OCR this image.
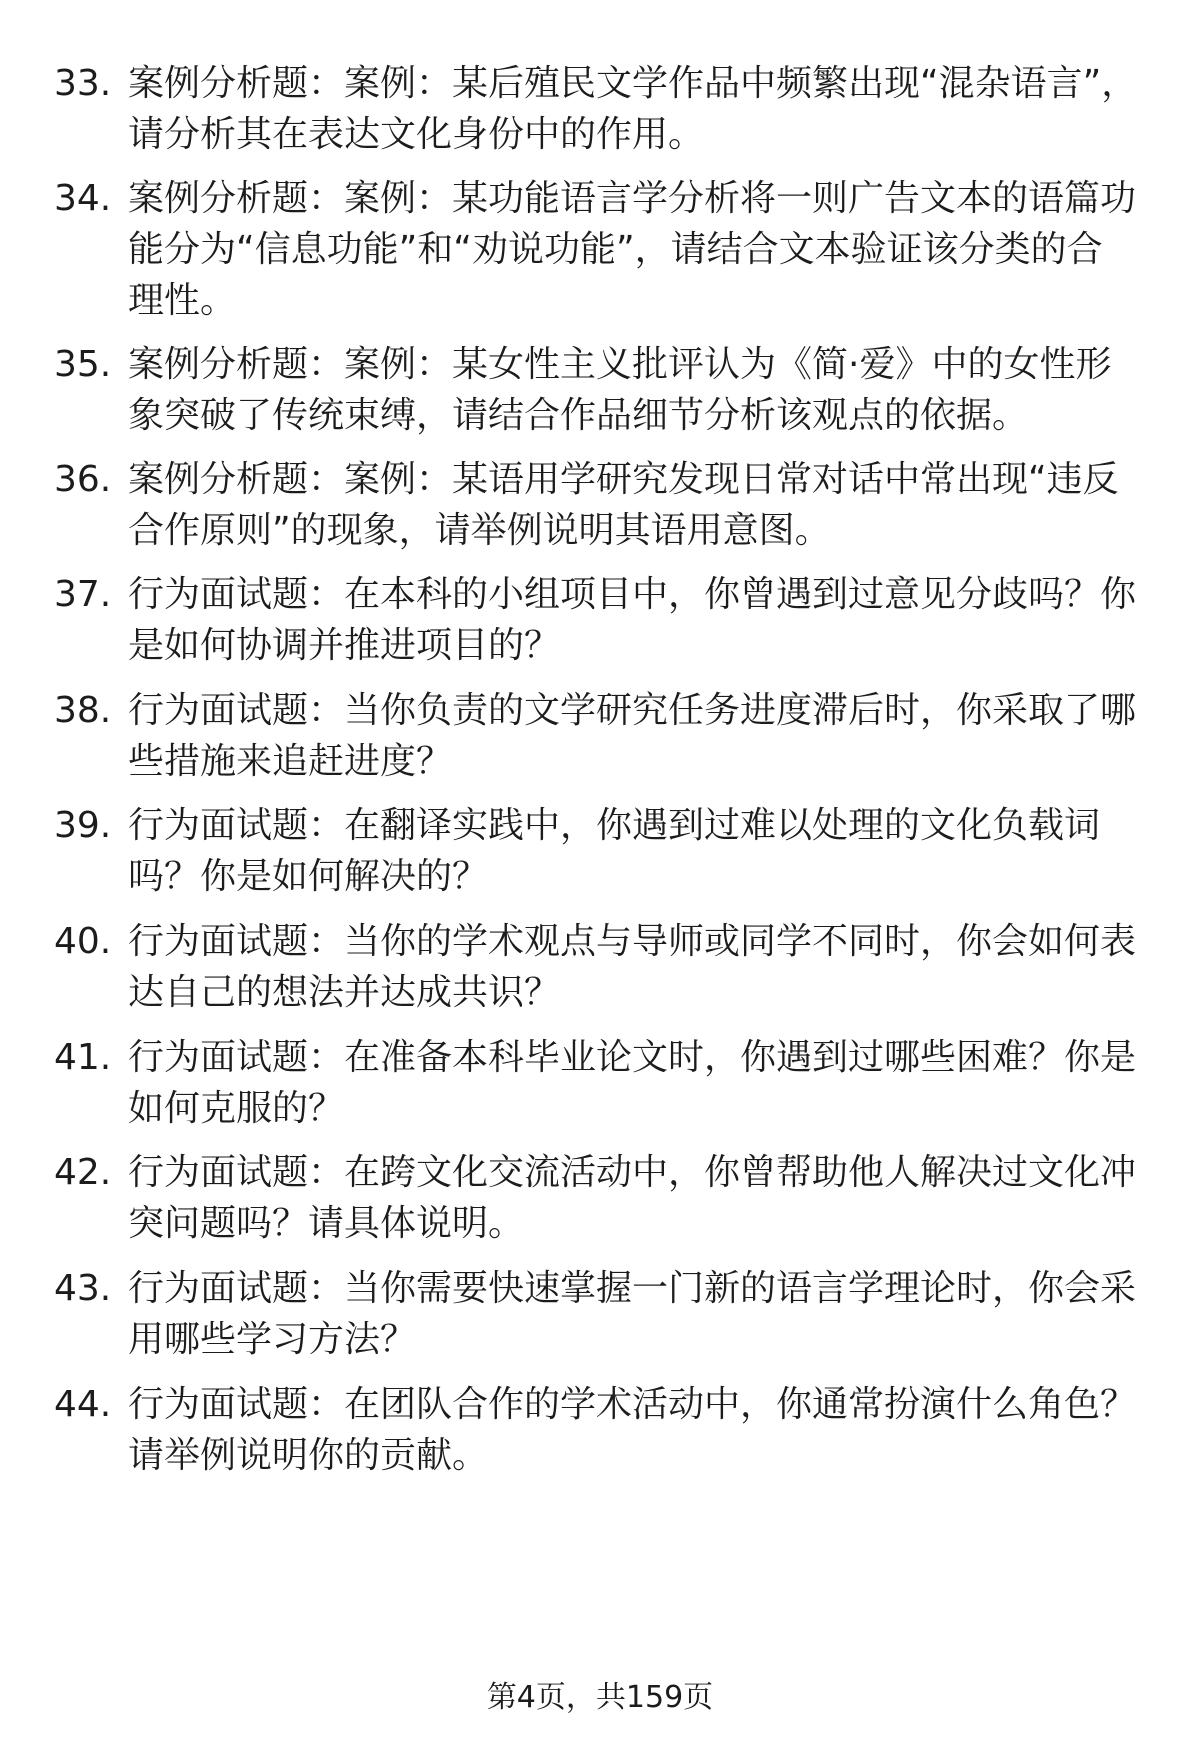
33. 案例分析题：案例：某后殖民文学作品中频繁出现“混杂语言”，请分析其在表达文化身份中的作用。
34. 案例分析题：案例：某功能语言学分析将一则广告文本的语篇功能分为“信息功能”和“劝说功能”，请结合文本验证该分类的合理性。
35. 案例分析题：案例：某女性主义批评认为《简·爱》中的女性形象突破了传统束缚，请结合作品细节分析该观点的依据。
36. 案例分析题：案例：某语用学研究发现日常对话中常出现“违反合作原则”的现象，请举例说明其语用意图。
37. 行为面试题：在本科的小组项目中，你曾遇到过意见分歧吗？你是如何协调并推进项目的？
38. 行为面试题：当你负责的文学研究任务进度滞后时，你采取了哪些措施来追赶进度？
39. 行为面试题：在翻译实践中，你遇到过难以处理的文化负载词吗？你是如何解决的？
40. 行为面试题：当你的学术观点与导师或同学不同时，你会如何表达自己的想法并达成共识？
41. 行为面试题：在准备本科毕业论文时，你遇到过哪些困难？你是如何克服的？
42. 行为面试题：在跨文化交流活动中，你曾帮助他人解决过文化冲突问题吗？请具体说明。
43. 行为面试题：当你需要快速掌握一门新的语言学理论时，你会采用哪些学习方法？
44. 行为面试题：在团队合作的学术活动中，你通常扮演什么角色？请举例说明你的贡献。
第4页，共159页
